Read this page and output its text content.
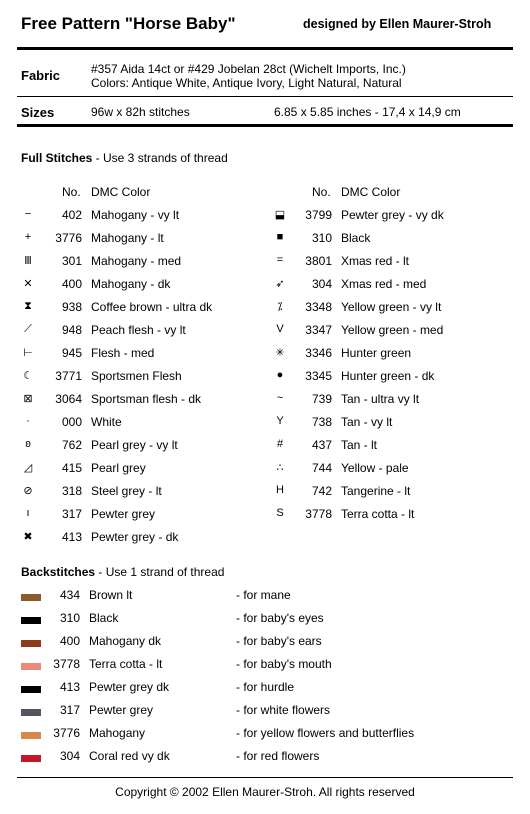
Free Pattern "Horse Baby"	designed by Ellen Maurer-Stroh
Fabric	#357 Aida 14ct or #429 Jobelan 28ct (Wichelt Imports, Inc.)
Colors: Antique White, Antique Ivory, Light Natural, Natural
Sizes	96w x 82h stitches	6.85 x 5.85 inches - 17,4 x 14,9 cm
Full Stitches - Use 3 strands of thread
No. DMC Color	No. DMC Color
−	402 Mahogany - vy lt
+	3776 Mahogany - lt
Ⅲ	301 Mahogany - med
✕	400 Mahogany - dk
⧗	938 Coffee brown - ultra dk
⟋	948 Peach flesh - vy lt
⊢	945 Flesh - med
☾	3771 Sportsmen Flesh
⊠	3064 Sportsman flesh - dk
·	000 White
ʚ	762 Pearl grey - vy lt
◿	415 Pearl grey
⊘	318 Steel grey - lt
ı	317 Pewter grey
✖	413 Pewter grey - dk
⬓	3799 Pewter grey - vy dk
■	310 Black
=	3801 Xmas red - lt
➶	304 Xmas red - med
⁒	3348 Yellow green - vy lt
V	3347 Yellow green - med
✳	3346 Hunter green
●	3345 Hunter green - dk
~	739 Tan - ultra vy lt
Y	738 Tan - vy lt
#	437 Tan - lt
∴	744 Yellow - pale
H	742 Tangerine - lt
S	3778 Terra cotta - lt
Backstitches - Use 1 strand of thread
434 Brown lt	- for mane
310 Black	- for baby's eyes
400 Mahogany dk	- for baby's ears
3778 Terra cotta - lt	- for baby's mouth
413 Pewter grey dk	- for hurdle
317 Pewter grey	- for white flowers
3776 Mahogany	- for yellow flowers and butterflies
304 Coral red vy dk	- for red flowers
Copyright © 2002 Ellen Maurer-Stroh. All rights reserved
